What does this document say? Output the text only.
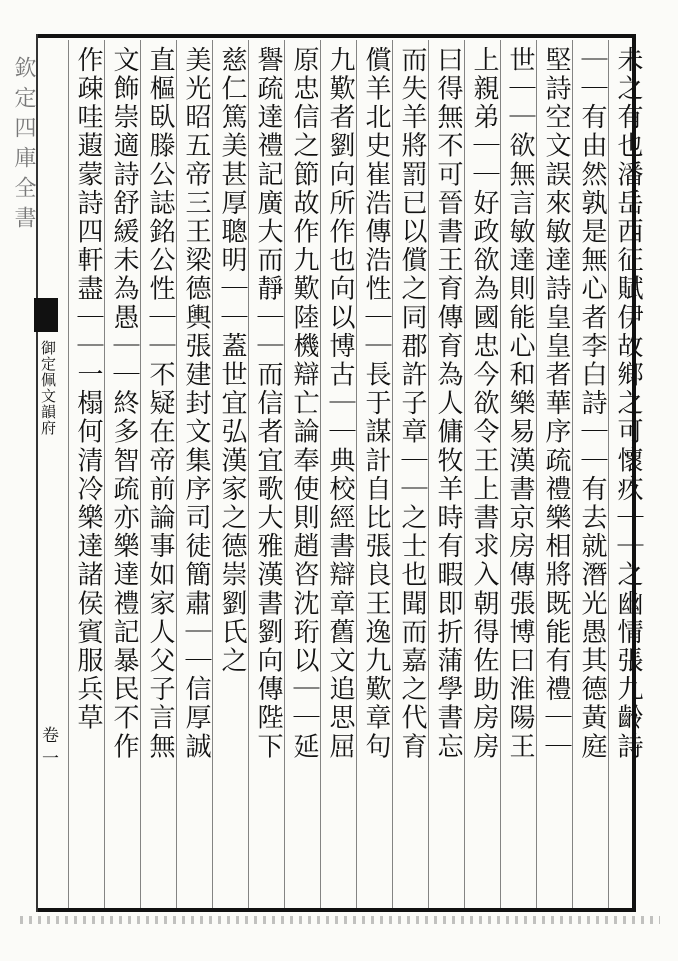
欽定四庫全書
御定佩文韻府
卷一	未之有也潘岳西征賦伊故鄉之可懷疚｜｜之幽情張九齡詩
｜｜有由然孰是無心者李白詩｜｜有去就潛光愚其德黃庭
堅詩空文誤來敏達詩皇皇者華序疏禮樂相將既能有禮｜｜
世｜｜欲無言敏達則能心和樂易漢書京房傳張博曰淮陽王
上親弟｜｜好政欲為國忠今欲令王上書求入朝得佐助房房
曰得無不可晉書王育傳育為人傭牧羊時有暇即折蒲學書忘
而失羊將罰已以償之同郡許子章｜｜之士也聞而嘉之代育
償羊北史崔浩傳浩性｜｜長于謀計自比張良王逸九歎章句
九歎者劉向所作也向以博古｜｜典校經書辯章舊文追思屈
原忠信之節故作九歎陸機辯亡論奉使則趙咨沈珩以｜｜延
譽疏達禮記廣大而靜｜｜而信者宜歌大雅漢書劉向傳陛下
慈仁篤美甚厚聰明｜｜蓋世宜弘漢家之德崇劉氏之
美光昭五帝三王梁德輿張建封文集序司徒簡肅｜｜信厚誠
直樞臥滕公誌銘公性｜｜不疑在帝前論事如家人父子言無
文飾崇適詩舒緩未為愚｜｜終多智疏亦樂達禮記暴民不作
作疎哇蕸蒙詩四軒盡｜｜一榻何清冷樂達諸侯賓服兵草
